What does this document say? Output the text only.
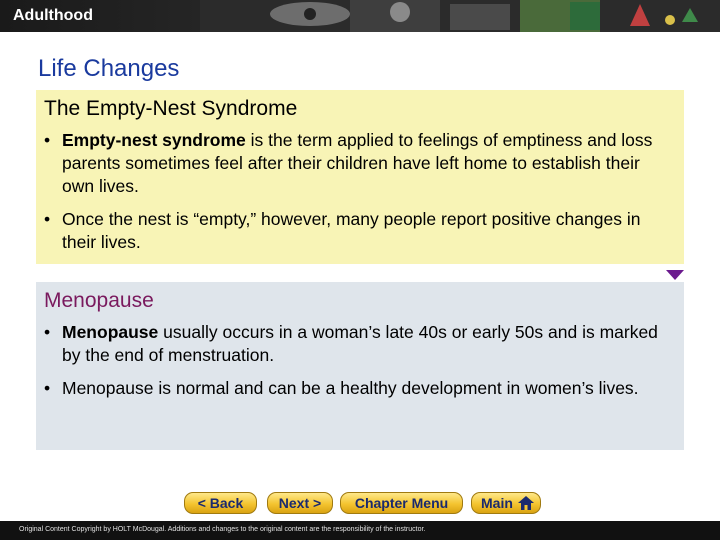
Adulthood
Life Changes
The Empty-Nest Syndrome
• Empty-nest syndrome is the term applied to feelings of emptiness and loss parents sometimes feel after their children have left home to establish their own lives.
• Once the nest is “empty,” however, many people report positive changes in their lives.
Menopause
• Menopause usually occurs in a woman’s late 40s or early 50s and is marked by the end of menstruation.
• Menopause is normal and can be a healthy development in women’s lives.
< Back	Next >	Chapter Menu	Main
Original Content Copyright by HOLT McDougal. Additions and changes to the original content are the responsibility of the instructor.
